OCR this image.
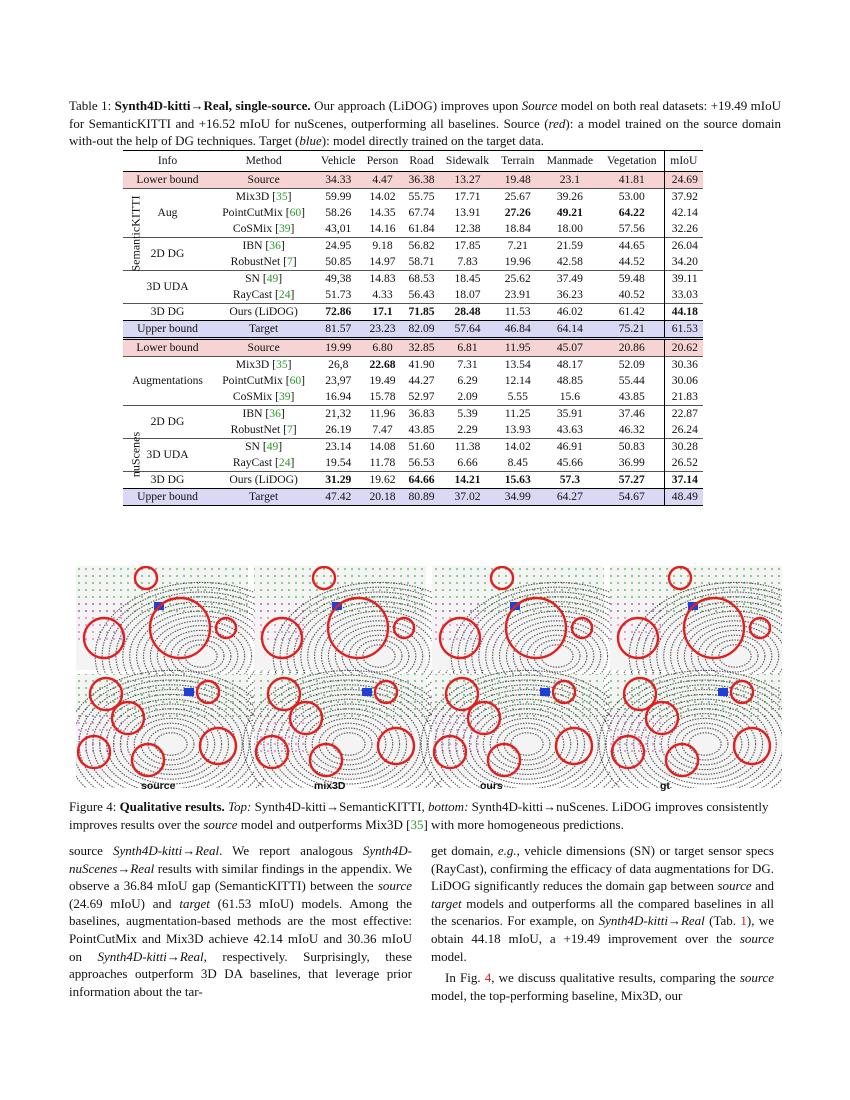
Table 1: Synth4D-kitti→Real, single-source. Our approach (LiDOG) improves upon Source model on both real datasets: +19.49 mIoU for SemanticKITTI and +16.52 mIoU for nuScenes, outperforming all baselines. Source (red): a model trained on the source domain with-out the help of DG techniques. Target (blue): model directly trained on the target data.
Info	Method	Vehicle	Person	Road	Sidewalk	Terrain	Manmade	Vegetation	mIoU
Lower bound	Source	34.33	4.47	36.38	13.27	19.48	23.1	41.81	24.69
Aug	Mix3D [35]	59.99	14.02	55.75	17.71	25.67	39.26	53.00	37.92
	PointCutMix [60]	58.26	14.35	67.74	13.91	27.26	49.21	64.22	42.14
	CoSMix [39]	43,01	14.16	61.84	12.38	18.84	18.00	57.56	32.26
2D DG	IBN [36]	24.95	9.18	56.82	17.85	7.21	21.59	44.65	26.04
	RobustNet [7]	50.85	14.97	58.71	7.83	19.96	42.58	44.52	34.20
3D UDA	SN [49]	49,38	14.83	68.53	18.45	25.62	37.49	59.48	39.11
	RayCast [24]	51.73	4.33	56.43	18.07	23.91	36.23	40.52	33.03
3D DG	Ours (LiDOG)	72.86	17.1	71.85	28.48	11.53	46.02	61.42	44.18
Upper bound	Target	81.57	23.23	82.09	57.64	46.84	64.14	75.21	61.53
Lower bound	Source	19.99	6.80	32.85	6.81	11.95	45.07	20.86	20.62
Augmentations	Mix3D [35]	26,8	22.68	41.90	7.31	13.54	48.17	52.09	30.36
	PointCutMix [60]	23,97	19.49	44.27	6.29	12.14	48.85	55.44	30.06
	CoSMix [39]	16.94	15.78	52.97	2.09	5.55	15.6	43.85	21.83
2D DG	IBN [36]	21,32	11.96	36.83	5.39	11.25	35.91	37.46	22.87
	RobustNet [7]	26.19	7.47	43.85	2.29	13.93	43.63	46.32	26.24
3D UDA	SN [49]	23.14	14.08	51.60	11.38	14.02	46.91	50.83	30.28
	RayCast [24]	19.54	11.78	56.53	6.66	8.45	45.66	36.99	26.52
3D DG	Ours (LiDOG)	31.29	19.62	64.66	14.21	15.63	57.3	57.27	37.14
Upper bound	Target	47.42	20.18	80.89	37.02	34.99	64.27	54.67	48.49
SemanticKITTI
nuScenes
source	mix3D	ours	gt
Figure 4: Qualitative results. Top: Synth4D-kitti→SemanticKITTI, bottom: Synth4D-kitti→nuScenes. LiDOG improves consistently improves results over the source model and outperforms Mix3D [35] with more homogeneous predictions.

source Synth4D-kitti→Real. We report analogous Synth4D-nuScenes→Real results with similar findings in the appendix. We observe a 36.84 mIoU gap (SemanticKITTI) between the source (24.69 mIoU) and target (61.53 mIoU) models. Among the baselines, augmentation-based methods are the most effective: PointCutMix and Mix3D achieve 42.14 mIoU and 30.36 mIoU on Synth4D-kitti→Real, respectively. Surprisingly, these approaches outperform 3D DA baselines, that leverage prior information about the tar-

get domain, e.g., vehicle dimensions (SN) or target sensor specs (RayCast), confirming the efficacy of data augmentations for DG. LiDOG significantly reduces the domain gap between source and target models and outperforms all the compared baselines in all the scenarios. For example, on Synth4D-kitti→Real (Tab. 1), we obtain 44.18 mIoU, a +19.49 improvement over the source model.

In Fig. 4, we discuss qualitative results, comparing the source model, the top-performing baseline, Mix3D, our
